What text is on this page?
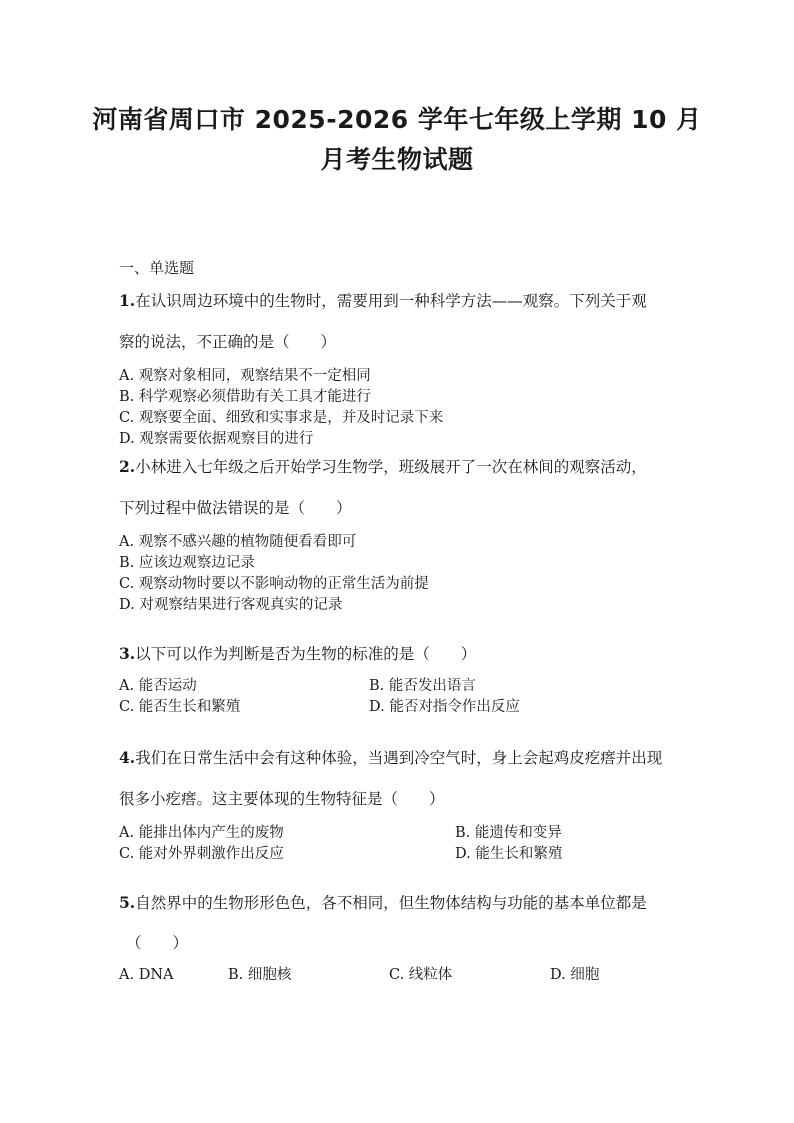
河南省周口市 2025-2026 学年七年级上学期 10 月
月考生物试题
一、单选题
1.在认识周边环境中的生物时，需要用到一种科学方法——观察。下列关于观
察的说法，不正确的是（　　）
A. 观察对象相同，观察结果不一定相同
B. 科学观察必须借助有关工具才能进行
C. 观察要全面、细致和实事求是，并及时记录下来
D. 观察需要依据观察目的进行
2.小林进入七年级之后开始学习生物学，班级展开了一次在林间的观察活动，
下列过程中做法错误的是（　　）
A. 观察不感兴趣的植物随便看看即可
B. 应该边观察边记录
C. 观察动物时要以不影响动物的正常生活为前提
D. 对观察结果进行客观真实的记录
3.以下可以作为判断是否为生物的标准的是（　　）
A. 能否运动	B. 能否发出语言
C. 能否生长和繁殖	D. 能否对指令作出反应
4.我们在日常生活中会有这种体验，当遇到冷空气时，身上会起鸡皮疙瘩并出现
很多小疙瘩。这主要体现的生物特征是（　　）
A. 能排出体内产生的废物	B. 能遗传和变异
C. 能对外界刺激作出反应	D. 能生长和繁殖
5.自然界中的生物形形色色，各不相同，但生物体结构与功能的基本单位都是
（　　）
A. DNA	B. 细胞核	C. 线粒体	D. 细胞
